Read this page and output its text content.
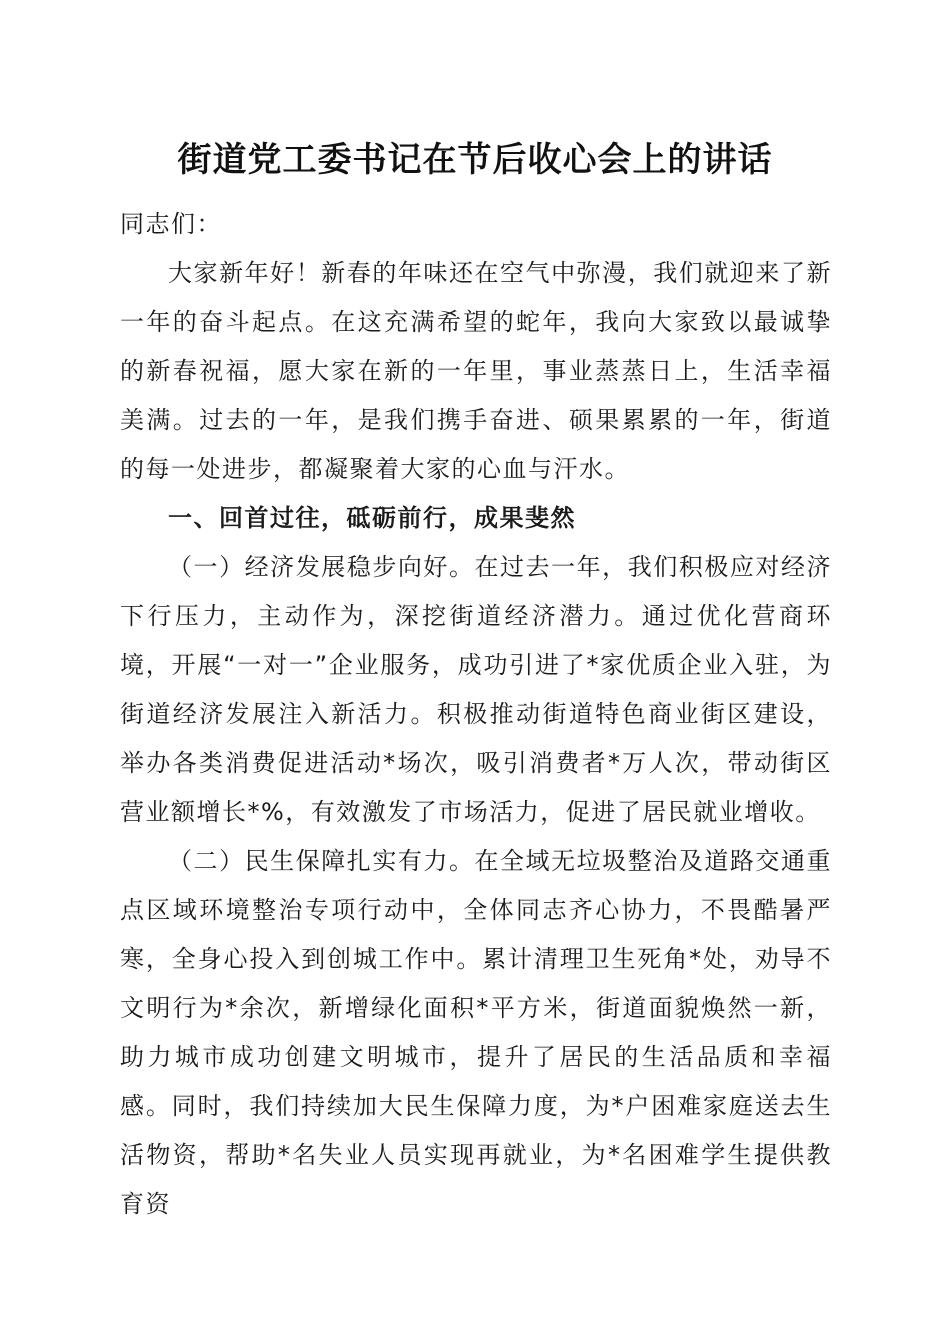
街道党工委书记在节后收心会上的讲话

同志们：

大家新年好！新春的年味还在空气中弥漫，我们就迎来了新一年的奋斗起点。在这充满希望的蛇年，我向大家致以最诚挚的新春祝福，愿大家在新的一年里，事业蒸蒸日上，生活幸福美满。过去的一年，是我们携手奋进、硕果累累的一年，街道的每一处进步，都凝聚着大家的心血与汗水。

一、回首过往，砥砺前行，成果斐然

（一）经济发展稳步向好。在过去一年，我们积极应对经济下行压力，主动作为，深挖街道经济潜力。通过优化营商环境，开展“一对一”企业服务，成功引进了*家优质企业入驻，为街道经济发展注入新活力。积极推动街道特色商业街区建设，举办各类消费促进活动*场次，吸引消费者*万人次，带动街区营业额增长*%，有效激发了市场活力，促进了居民就业增收。

（二）民生保障扎实有力。在全域无垃圾整治及道路交通重点区域环境整治专项行动中，全体同志齐心协力，不畏酷暑严寒，全身心投入到创城工作中。累计清理卫生死角*处，劝导不文明行为*余次，新增绿化面积*平方米，街道面貌焕然一新，助力城市成功创建文明城市，提升了居民的生活品质和幸福感。同时，我们持续加大民生保障力度，为*户困难家庭送去生活物资，帮助*名失业人员实现再就业，为*名困难学生提供教育资
